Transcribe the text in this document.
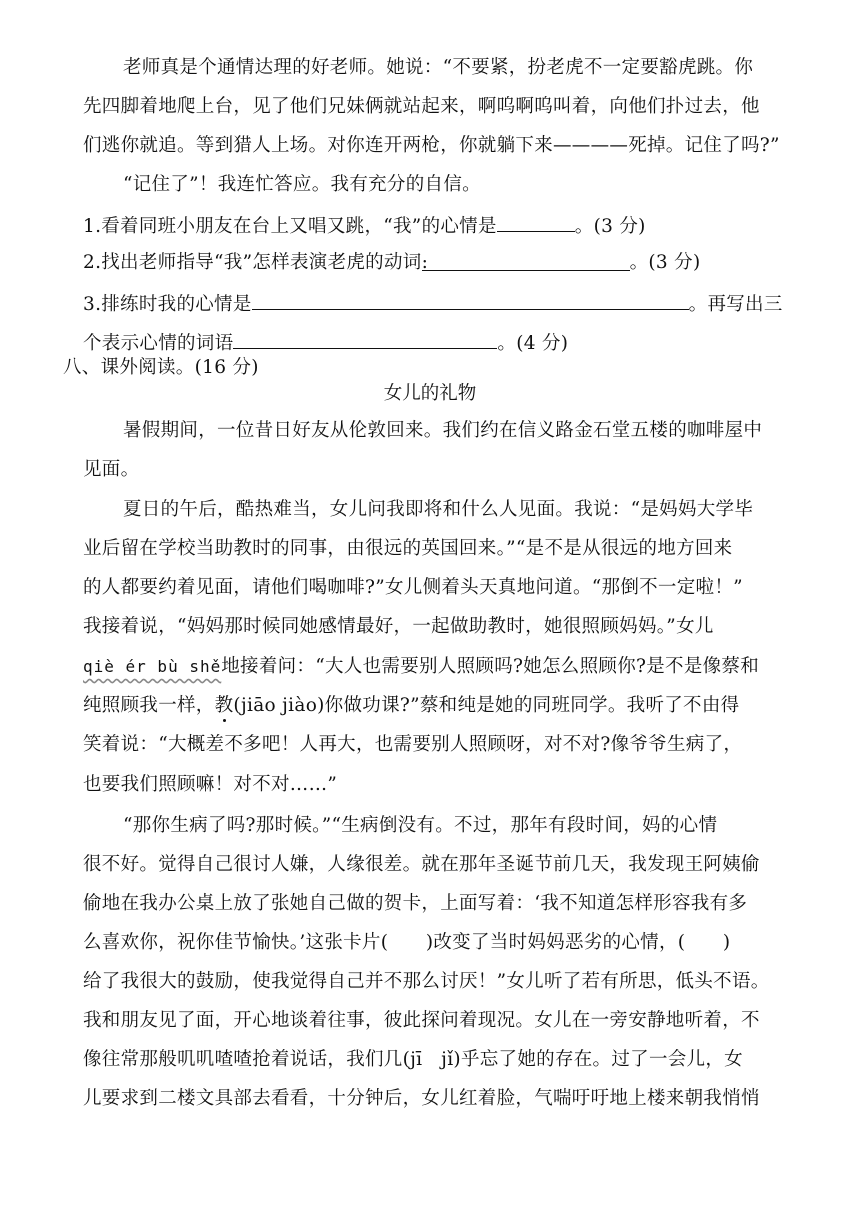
老师真是个通情达理的好老师。她说：“不要紧，扮老虎不一定要豁虎跳。你
先四脚着地爬上台，见了他们兄妹俩就站起来，啊呜啊呜叫着，向他们扑过去，他
们逃你就追。等到猎人上场。对你连开两枪，你就躺下来————死掉。记住了吗?”
“记住了”！我连忙答应。我有充分的自信。
1.看着同班小朋友在台上又唱又跳，“我”的心情是	。(3 分)
2.找出老师指导“我”怎样表演老虎的动词:	。(3 分)
3.排练时我的心情是	。再写出三
个表示心情的词语	。(4 分)
八、课外阅读。(16 分)
女儿的礼物
暑假期间，一位昔日好友从伦敦回来。我们约在信义路金石堂五楼的咖啡屋中
见面。
夏日的午后，酷热难当，女儿问我即将和什么人见面。我说：“是妈妈大学毕
业后留在学校当助教时的同事，由很远的英国回来。”“是不是从很远的地方回来
的人都要约着见面，请他们喝咖啡?”女儿侧着头天真地问道。“那倒不一定啦！”
我接着说，“妈妈那时候同她感情最好，一起做助教时，她很照顾妈妈。”女儿
qiè ér bù shě地接着问：“大人也需要别人照顾吗?她怎么照顾你?是不是像蔡和
纯照顾我一样，教(jiāo jiào)你做功课?”蔡和纯是她的同班同学。我听了不由得
笑着说：“大概差不多吧！人再大，也需要别人照顾呀，对不对?像爷爷生病了，
也要我们照顾嘛！对不对……”
“那你生病了吗?那时候。”“生病倒没有。不过，那年有段时间，妈的心情
很不好。觉得自己很讨人嫌，人缘很差。就在那年圣诞节前几天，我发现王阿姨偷
偷地在我办公桌上放了张她自己做的贺卡，上面写着：‘我不知道怎样形容我有多
么喜欢你，祝你佳节愉快。’这张卡片(　　)改变了当时妈妈恶劣的心情，(　　)
给了我很大的鼓励，使我觉得自己并不那么讨厌！”女儿听了若有所思，低头不语。
我和朋友见了面，开心地谈着往事，彼此探问着现况。女儿在一旁安静地听着，不
像往常那般叽叽喳喳抢着说话，我们几(jī　jǐ)乎忘了她的存在。过了一会儿，女
儿要求到二楼文具部去看看，十分钟后，女儿红着脸，气喘吁吁地上楼来朝我悄悄
